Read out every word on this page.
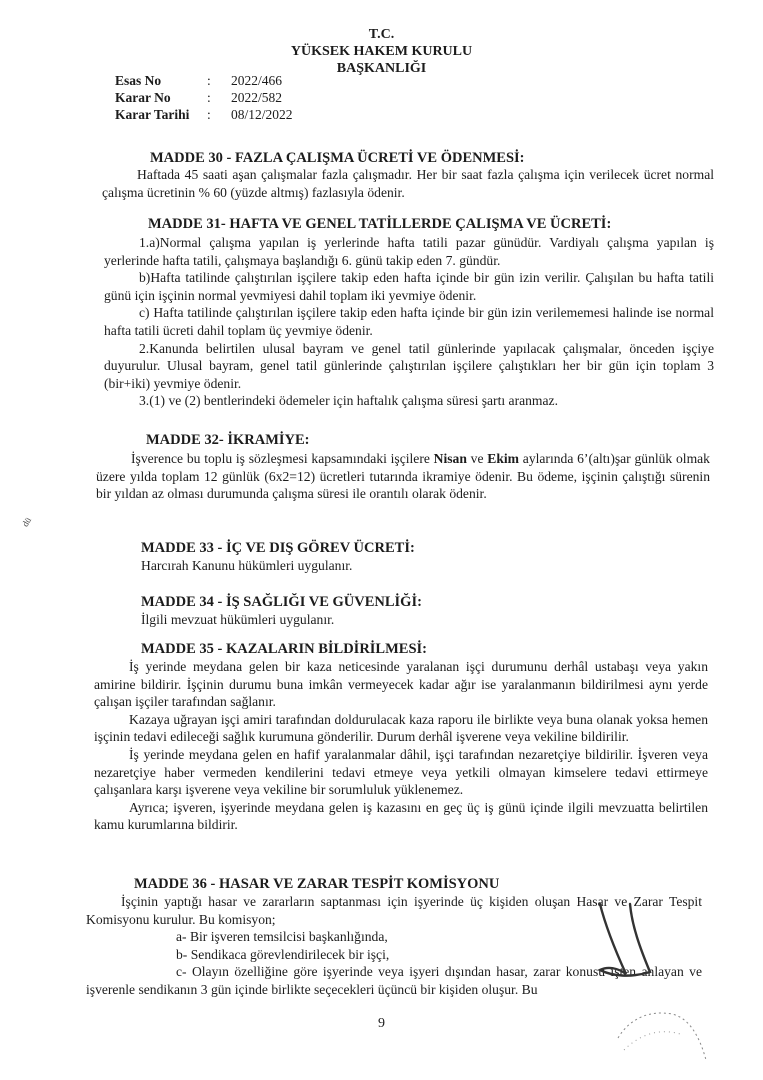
T.C.
YÜKSEK HAKEM KURULU
BAŞKANLIĞI
Esas No	:	2022/466
Karar No	:	2022/582
Karar Tarihi	:	08/12/2022
MADDE 30 - FAZLA ÇALIŞMA ÜCRETİ VE ÖDENMESİ:

Haftada 45 saati aşan çalışmalar fazla çalışmadır. Her bir saat fazla çalışma için verilecek ücret normal çalışma ücretinin % 60 (yüzde altmış) fazlasıyla ödenir.

MADDE 31- HAFTA VE GENEL TATİLLERDE ÇALIŞMA VE ÜCRETİ:

1.a)Normal çalışma yapılan iş yerlerinde hafta tatili pazar günüdür. Vardiyalı çalışma yapılan iş yerlerinde hafta tatili, çalışmaya başlandığı 6. günü takip eden 7. gündür.

b)Hafta tatilinde çalıştırılan işçilere takip eden hafta içinde bir gün izin verilir. Çalışılan bu hafta tatili günü için işçinin normal yevmiyesi dahil toplam iki yevmiye ödenir.

c) Hafta tatilinde çalıştırılan işçilere takip eden hafta içinde bir gün izin verilememesi halinde ise normal hafta tatili ücreti dahil toplam üç yevmiye ödenir.

2.Kanunda belirtilen ulusal bayram ve genel tatil günlerinde yapılacak çalışmalar, önceden işçiye duyurulur. Ulusal bayram, genel tatil günlerinde çalıştırılan işçilere çalıştıkları her bir gün için toplam 3 (bir+iki) yevmiye ödenir.

3.(1) ve (2) bentlerindeki ödemeler için haftalık çalışma süresi şartı aranmaz.

MADDE 32- İKRAMİYE:

İşverence bu toplu iş sözleşmesi kapsamındaki işçilere Nisan ve Ekim aylarında 6’(altı)şar günlük olmak üzere yılda toplam 12 günlük (6x2=12) ücretleri tutarında ikramiye ödenir. Bu ödeme, işçinin çalıştığı sürenin bir yıldan az olması durumunda çalışma süresi ile orantılı olarak ödenir.

dü
MADDE 33 - İÇ VE DIŞ GÖREV ÜCRETİ:

Harcırah Kanunu hükümleri uygulanır.

MADDE 34 - İŞ SAĞLIĞI VE GÜVENLİĞİ:

İlgili mevzuat hükümleri uygulanır.

MADDE 35 - KAZALARIN BİLDİRİLMESİ:

İş yerinde meydana gelen bir kaza neticesinde yaralanan işçi durumunu derhâl ustabaşı veya yakın amirine bildirir. İşçinin durumu buna imkân vermeyecek kadar ağır ise yaralanmanın bildirilmesi aynı yerde çalışan işçiler tarafından sağlanır.

Kazaya uğrayan işçi amiri tarafından doldurulacak kaza raporu ile birlikte veya buna olanak yoksa hemen işçinin tedavi edileceği sağlık kurumuna gönderilir. Durum derhâl işverene veya vekiline bildirilir.

İş yerinde meydana gelen en hafif yaralanmalar dâhil, işçi tarafından nezaretçiye bildirilir. İşveren veya nezaretçiye haber vermeden kendilerini tedavi etmeye veya yetkili olmayan kimselere tedavi ettirmeye çalışanlara karşı işverene veya vekiline bir sorumluluk yüklenemez.

Ayrıca; işveren, işyerinde meydana gelen iş kazasını en geç üç iş günü içinde ilgili mevzuatta belirtilen kamu kurumlarına bildirir.

MADDE 36 - HASAR VE ZARAR TESPİT KOMİSYONU

İşçinin yaptığı hasar ve zararların saptanması için işyerinde üç kişiden oluşan Hasar ve Zarar Tespit Komisyonu kurulur. Bu komisyon;

a- Bir işveren temsilcisi başkanlığında,

b- Sendikaca görevlendirilecek bir işçi,

c- Olayın özelliğine göre işyerinde veya işyeri dışından hasar, zarar konusu işten anlayan ve işverenle sendikanın 3 gün içinde birlikte seçecekleri üçüncü bir kişiden oluşur. Bu

9
